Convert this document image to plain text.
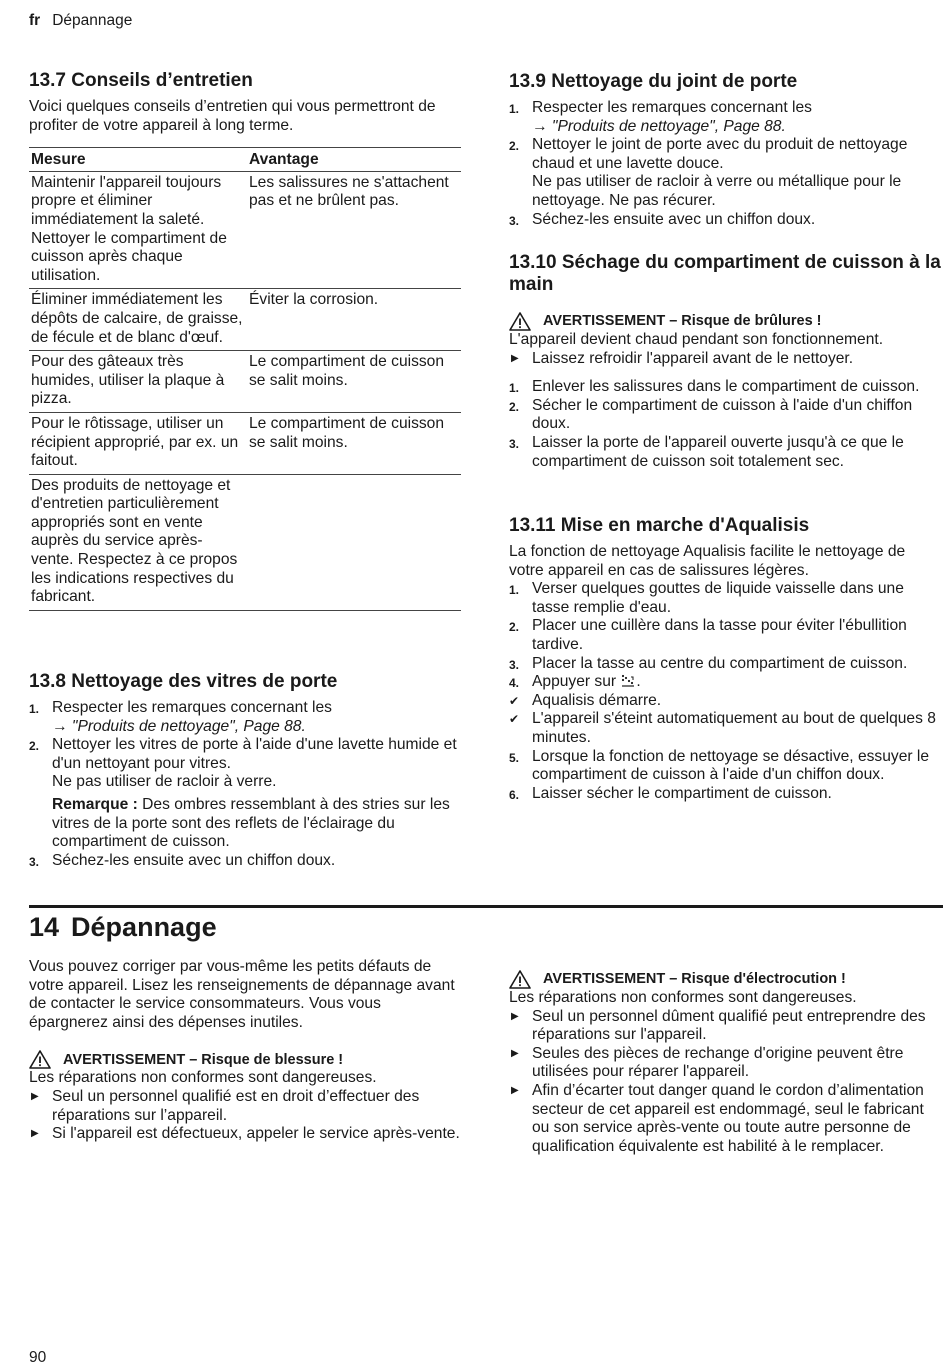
fr Dépannage
13.7 Conseils d’entretien

Voici quelques conseils d’entretien qui vous permettront de profiter de votre appareil à long terme.

Mesure	Avantage
Maintenir l'appareil toujours propre et éliminer immédiatement la saleté. Nettoyer le compartiment de cuisson après chaque utilisation.	Les salissures ne s'attachent pas et ne brûlent pas.
Éliminer immédiatement les dépôts de calcaire, de graisse, de fécule et de blanc d'œuf.	Éviter la corrosion.
Pour des gâteaux très humides, utiliser la plaque à pizza.	Le compartiment de cuisson se salit moins.
Pour le rôtissage, utiliser un récipient approprié, par ex. un faitout.	Le compartiment de cuisson se salit moins.
Des produits de nettoyage et d'entretien particulièrement appropriés sont en vente auprès du service après-vente. Respectez à ce propos les indications respectives du fabricant.	
13.8 Nettoyage des vitres de porte
1. Respecter les remarques concernant les
→ "Produits de nettoyage", Page 88.
2. Nettoyer les vitres de porte à l'aide d'une lavette humide et d'un nettoyant pour vitres.
Ne pas utiliser de racloir à verre.

Remarque : Des ombres ressemblant à des stries sur les vitres de la porte sont des reflets de l'éclairage du compartiment de cuisson.

3. Séchez-les ensuite avec un chiffon doux.
13.9 Nettoyage du joint de porte
1. Respecter les remarques concernant les
→ "Produits de nettoyage", Page 88.
2. Nettoyer le joint de porte avec du produit de nettoyage chaud et une lavette douce.
Ne pas utiliser de racloir à verre ou métallique pour le nettoyage. Ne pas récurer.
3. Séchez-les ensuite avec un chiffon doux.
13.10 Séchage du compartiment de cuisson à la main
AVERTISSEMENT – Risque de brûlures !

L'appareil devient chaud pendant son fonctionnement.

▶ Laissez refroidir l'appareil avant de le nettoyer.
1. Enlever les salissures dans le compartiment de cuisson.
2. Sécher le compartiment de cuisson à l'aide d'un chiffon doux.
3. Laisser la porte de l'appareil ouverte jusqu'à ce que le compartiment de cuisson soit totalement sec.
13.11 Mise en marche d'Aqualisis

La fonction de nettoyage Aqualisis facilite le nettoyage de votre appareil en cas de salissures légères.

1. Verser quelques gouttes de liquide vaisselle dans une tasse remplie d'eau.
2. Placer une cuillère dans la tasse pour éviter l'ébullition tardive.
3. Placer la tasse au centre du compartiment de cuisson.
4. Appuyer sur .
✔ Aqualisis démarre.
✔ L'appareil s'éteint automatiquement au bout de quelques 8 minutes.
5. Lorsque la fonction de nettoyage se désactive, essuyer le compartiment de cuisson à l'aide d'un chiffon doux.
6. Laisser sécher le compartiment de cuisson.
14 Dépannage

Vous pouvez corriger par vous-même les petits défauts de votre appareil. Lisez les renseignements de dépannage avant de contacter le service consommateurs. Vous vous épargnerez ainsi des dépenses inutiles.

AVERTISSEMENT – Risque de blessure !

Les réparations non conformes sont dangereuses.

▶ Seul un personnel qualifié est en droit d’effectuer des réparations sur l’appareil.
▶ Si l'appareil est défectueux, appeler le service après-vente.
AVERTISSEMENT – Risque d'électrocution !

Les réparations non conformes sont dangereuses.

▶ Seul un personnel dûment qualifié peut entreprendre des réparations sur l'appareil.
▶ Seules des pièces de rechange d'origine peuvent être utilisées pour réparer l'appareil.
▶ Afin d’écarter tout danger quand le cordon d’alimentation secteur de cet appareil est endommagé, seul le fabricant ou son service après-vente ou toute autre personne de qualification équivalente est habilité à le remplacer.
90
